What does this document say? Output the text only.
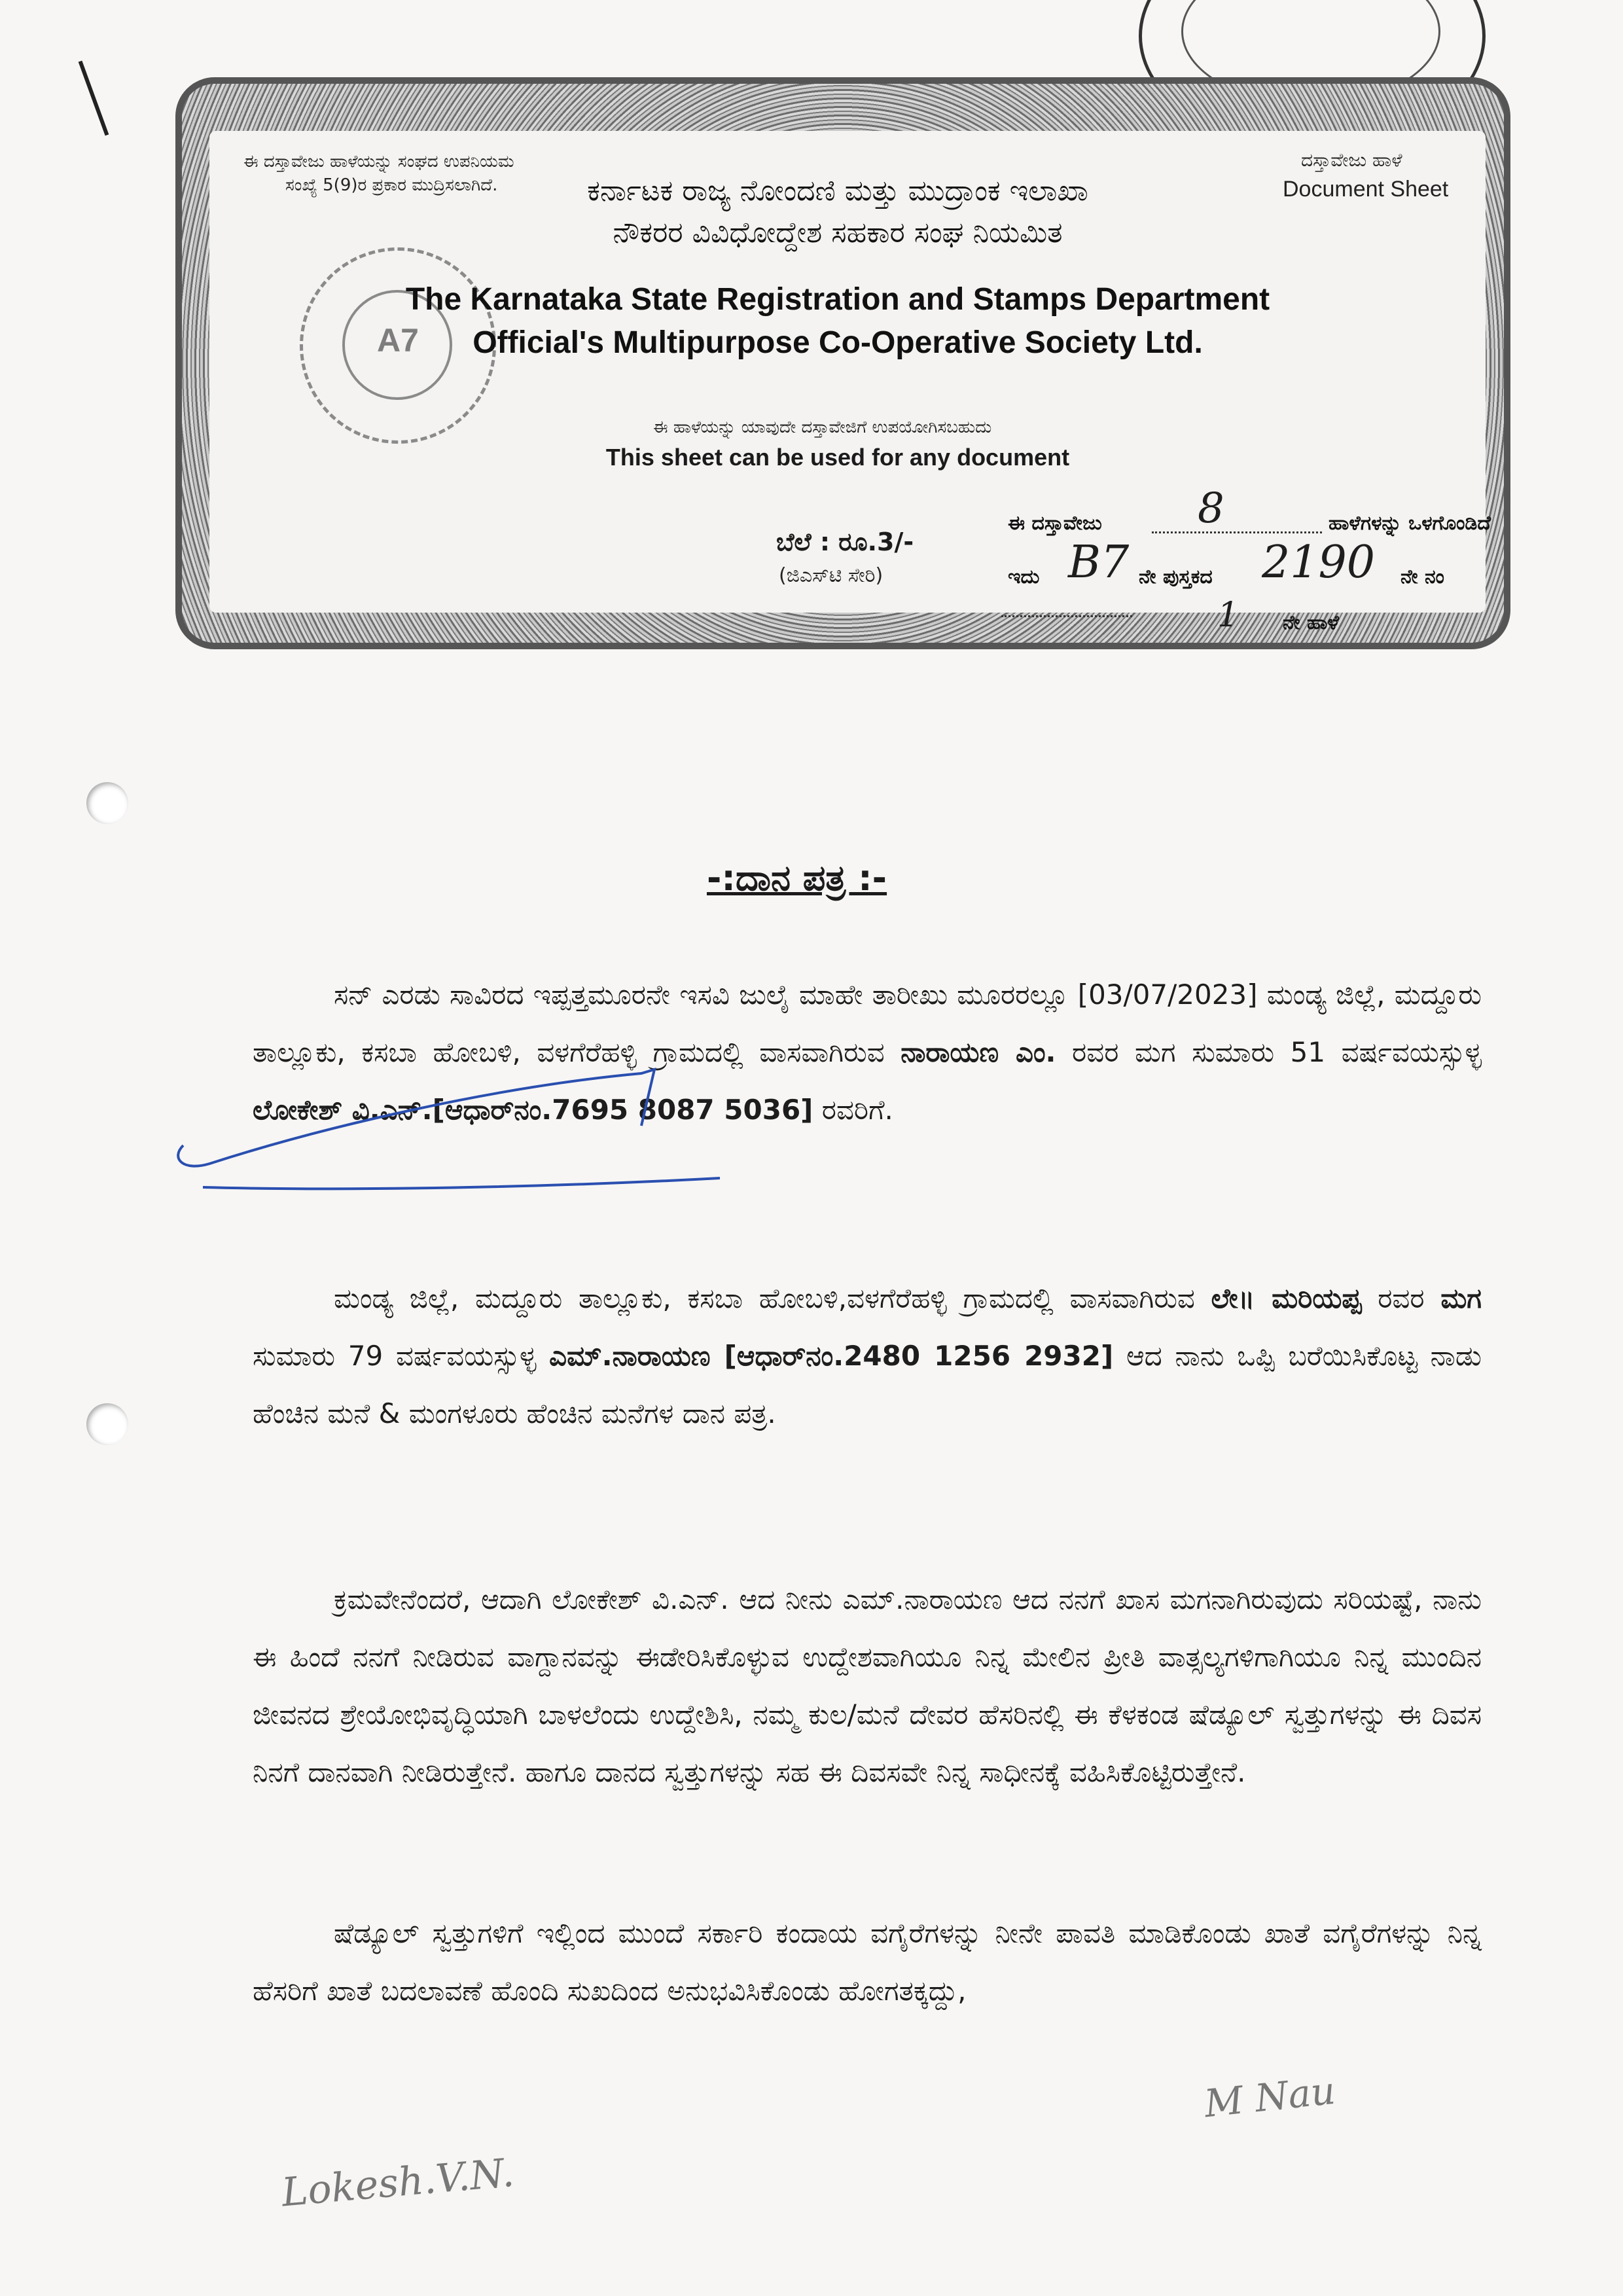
ಈ ದಸ್ತಾವೇಜು ಹಾಳೆಯನ್ನು ಸಂಘದ ಉಪನಿಯಮ
ಸಂಖ್ಯೆ 5(9)ರ ಪ್ರಕಾರ ಮುದ್ರಿಸಲಾಗಿದೆ.	ಕರ್ನಾಟಕ ರಾಜ್ಯ ನೋಂದಣಿ ಮತ್ತು ಮುದ್ರಾಂಕ ಇಲಾಖಾ
ನೌಕರರ ವಿವಿಧೋದ್ದೇಶ ಸಹಕಾರ ಸಂಘ ನಿಯಮಿತ
ದಸ್ತಾವೇಜು ಹಾಳೆ
Document Sheet
A7
The Karnataka State Registration and Stamps Department
Official's Multipurpose Co-Operative Society Ltd.
ಈ ಹಾಳೆಯನ್ನು ಯಾವುದೇ ದಸ್ತಾವೇಜಿಗೆ ಉಪಯೋಗಿಸಬಹುದು
This sheet can be used for any document
ಬೆಲೆ : ರೂ.3/-
(ಜಿಎಸ್‌ಟಿ ಸೇರಿ)
ಈ ದಸ್ತಾವೇಜು 8	ಹಾಳೆಗಳನ್ನು ಒಳಗೊಂಡಿದೆ
ಇದು B7 ನೇ ಪುಸ್ತಕದ 2190 ನೇ ನಂ
1 ನೇ ಹಾಳೆ
-:ದಾನ ಪತ್ರ :-
ಸನ್ ಎರಡು ಸಾವಿರದ ಇಪ್ಪತ್ತಮೂರನೇ ಇಸವಿ ಜುಲೈ ಮಾಹೇ ತಾರೀಖು ಮೂರರಲ್ಲೂ [03/07/2023] ಮಂಡ್ಯ ಜಿಲ್ಲೆ, ಮದ್ದೂರು ತಾಲ್ಲೂಕು, ಕಸಬಾ ಹೋಬಳಿ, ವಳಗೆರೆಹಳ್ಳಿ ಗ್ರಾಮದಲ್ಲಿ ವಾಸವಾಗಿರುವ ನಾರಾಯಣ ಎಂ. ರವರ ಮಗ ಸುಮಾರು 51 ವರ್ಷವಯಸ್ಸುಳ್ಳ ಲೋಕೇಶ್ ವಿ.ಎನ್.[ಆಧಾರ್‌ನಂ.7695 8087 5036] ರವರಿಗೆ.
ಮಂಡ್ಯ ಜಿಲ್ಲೆ, ಮದ್ದೂರು ತಾಲ್ಲೂಕು, ಕಸಬಾ ಹೋಬಳಿ,ವಳಗೆರೆಹಳ್ಳಿ ಗ್ರಾಮದಲ್ಲಿ ವಾಸವಾಗಿರುವ ಲೇ॥ ಮರಿಯಪ್ಪ ರವರ ಮಗ ಸುಮಾರು 79 ವರ್ಷವಯಸ್ಸುಳ್ಳ ಎಮ್.ನಾರಾಯಣ [ಆಧಾರ್‌ನಂ.2480 1256 2932] ಆದ ನಾನು ಒಪ್ಪಿ ಬರೆಯಿಸಿಕೊಟ್ಟ ನಾಡು ಹೆಂಚಿನ ಮನೆ & ಮಂಗಳೂರು ಹೆಂಚಿನ ಮನೆಗಳ ದಾನ ಪತ್ರ.
ಕ್ರಮವೇನೆಂದರೆ, ಆದಾಗಿ ಲೋಕೇಶ್ ವಿ.ಎನ್. ಆದ ನೀನು ಎಮ್.ನಾರಾಯಣ ಆದ ನನಗೆ ಖಾಸ ಮಗನಾಗಿರುವುದು ಸರಿಯಷ್ಟೆ, ನಾನು ಈ ಹಿಂದೆ ನನಗೆ ನೀಡಿರುವ ವಾಗ್ದಾನವನ್ನು ಈಡೇರಿಸಿಕೊಳ್ಳುವ ಉದ್ದೇಶವಾಗಿಯೂ ನಿನ್ನ ಮೇಲಿನ ಪ್ರೀತಿ ವಾತ್ಸಲ್ಯಗಳಿಗಾಗಿಯೂ ನಿನ್ನ ಮುಂದಿನ ಜೀವನದ ಶ್ರೇಯೋಭಿವೃದ್ಧಿಯಾಗಿ ಬಾಳಲೆಂದು ಉದ್ದೇಶಿಸಿ, ನಮ್ಮ ಕುಲ/ಮನೆ ದೇವರ ಹೆಸರಿನಲ್ಲಿ ಈ ಕೆಳಕಂಡ ಷೆಡ್ಯೂಲ್ ಸ್ವತ್ತುಗಳನ್ನು ಈ ದಿವಸ ನಿನಗೆ ದಾನವಾಗಿ ನೀಡಿರುತ್ತೇನೆ. ಹಾಗೂ ದಾನದ ಸ್ವತ್ತುಗಳನ್ನು ಸಹ ಈ ದಿವಸವೇ ನಿನ್ನ ಸಾಧೀನಕ್ಕೆ ವಹಿಸಿಕೊಟ್ಟಿರುತ್ತೇನೆ.
ಷೆಡ್ಯೂಲ್ ಸ್ವತ್ತುಗಳಿಗೆ ಇಲ್ಲಿಂದ ಮುಂದೆ ಸರ್ಕಾರಿ ಕಂದಾಯ ವಗೈರೆಗಳನ್ನು ನೀನೇ ಪಾವತಿ ಮಾಡಿಕೊಂಡು ಖಾತೆ ವಗೈರೆಗಳನ್ನು ನಿನ್ನ ಹೆಸರಿಗೆ ಖಾತೆ ಬದಲಾವಣೆ ಹೊಂದಿ ಸುಖದಿಂದ ಅನುಭವಿಸಿಕೊಂಡು ಹೋಗತಕ್ಕದ್ದು,
Lokesh.V.N.
M Nau
